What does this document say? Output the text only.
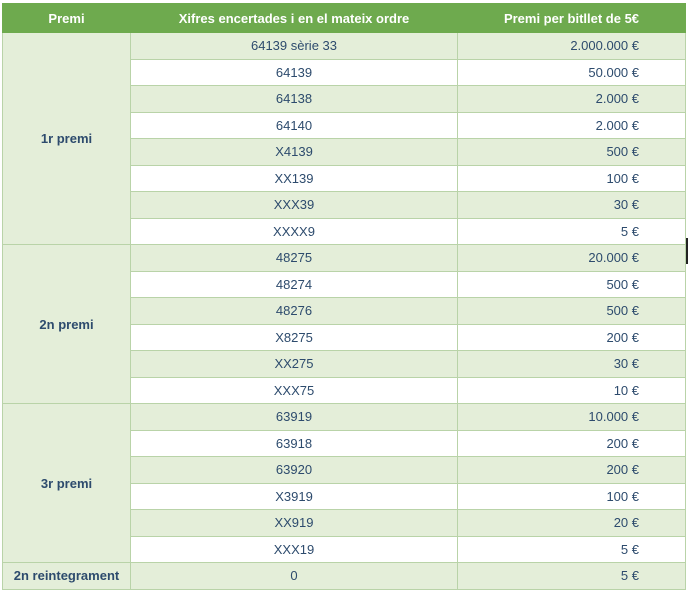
Premi	Xifres encertades i en el mateix ordre	Premi per bitllet de 5€
1r premi	64139 sèrie 33	2.000.000 €
	64139	50.000 €
	64138	2.000 €
	64140	2.000 €
	X4139	500 €
	XX139	100 €
	XXX39	30 €
	XXXX9	5 €
2n premi	48275	20.000 €
	48274	500 €
	48276	500 €
	X8275	200 €
	XX275	30 €
	XXX75	10 €
3r premi	63919	10.000 €
	63918	200 €
	63920	200 €
	X3919	100 €
	XX919	20 €
	XXX19	5 €
2n reintegrament	0	5 €
